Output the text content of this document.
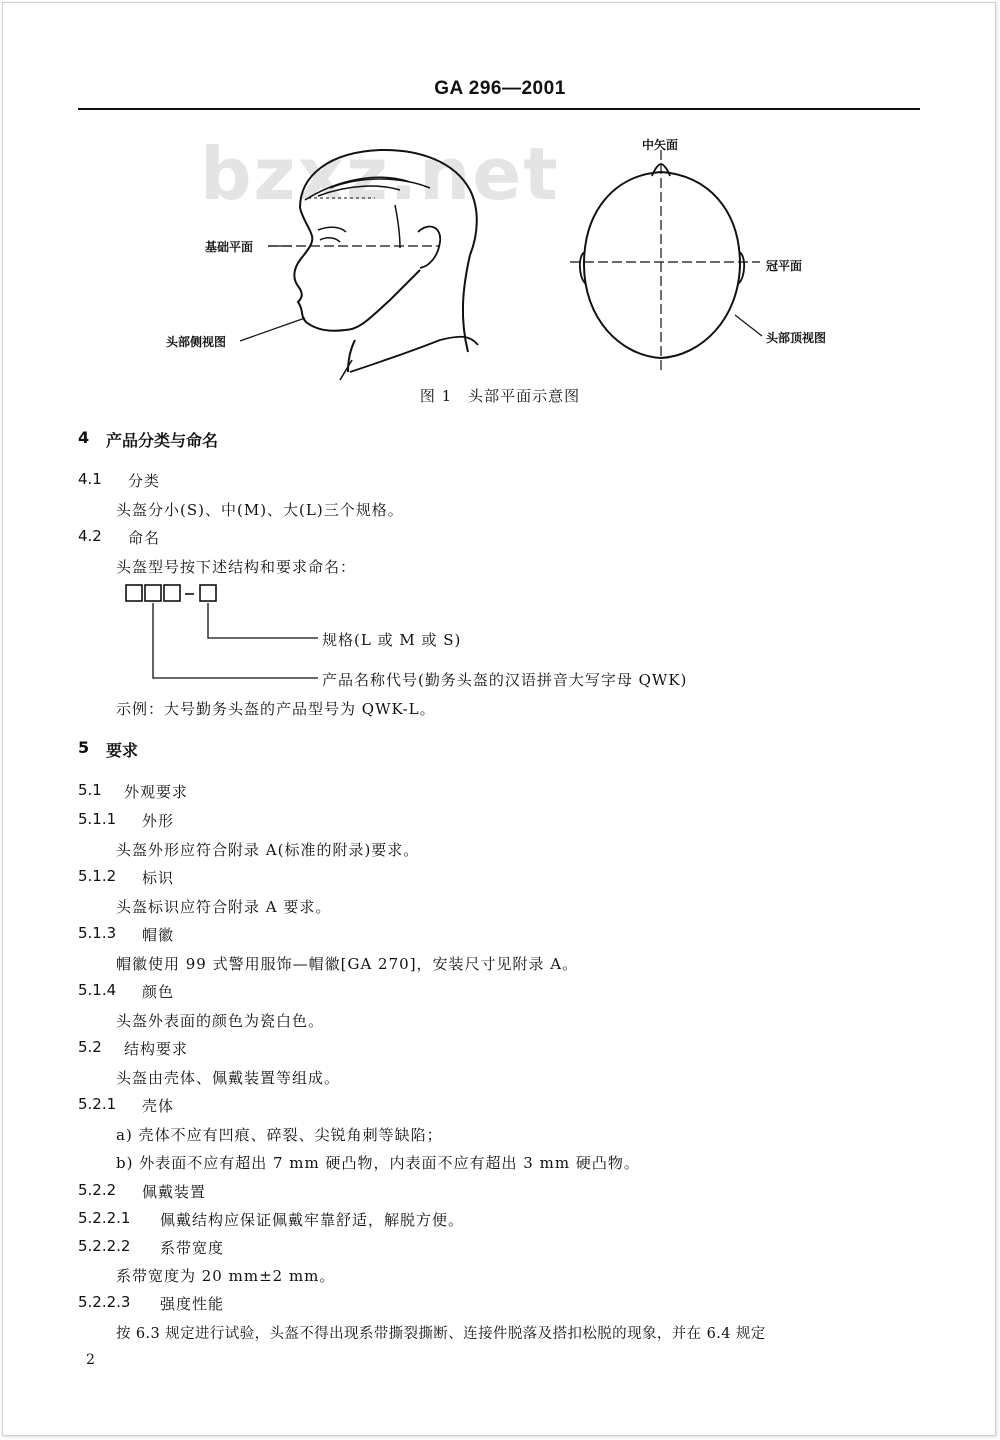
GA 296—2001
bzxz.net
基础平面
头部侧视图
中矢面
冠平面
头部顶视图
图 1　头部平面示意图
4 产品分类与命名
4.1 分类
头盔分小(S)、中(M)、大(L)三个规格。
4.2 命名
头盔型号按下述结构和要求命名：
规格(L 或 M 或 S)
产品名称代号(勤务头盔的汉语拼音大写字母 QWK)
示例：大号勤务头盔的产品型号为 QWK-L。
5 要求
5.1 外观要求
5.1.1 外形
头盔外形应符合附录 A(标准的附录)要求。
5.1.2 标识
头盔标识应符合附录 A 要求。
5.1.3 帽徽
帽徽使用 99 式警用服饰—帽徽[GA 270]，安装尺寸见附录 A。
5.1.4 颜色
头盔外表面的颜色为瓷白色。
5.2 结构要求
头盔由壳体、佩戴装置等组成。
5.2.1 壳体
a) 壳体不应有凹痕、碎裂、尖锐角刺等缺陷；
b) 外表面不应有超出 7 mm 硬凸物，内表面不应有超出 3 mm 硬凸物。
5.2.2 佩戴装置
5.2.2.1 佩戴结构应保证佩戴牢靠舒适，解脱方便。
5.2.2.2 系带宽度
系带宽度为 20 mm±2 mm。
5.2.2.3 强度性能
按 6.3 规定进行试验，头盔不得出现系带撕裂撕断、连接件脱落及搭扣松脱的现象，并在 6.4 规定
2
